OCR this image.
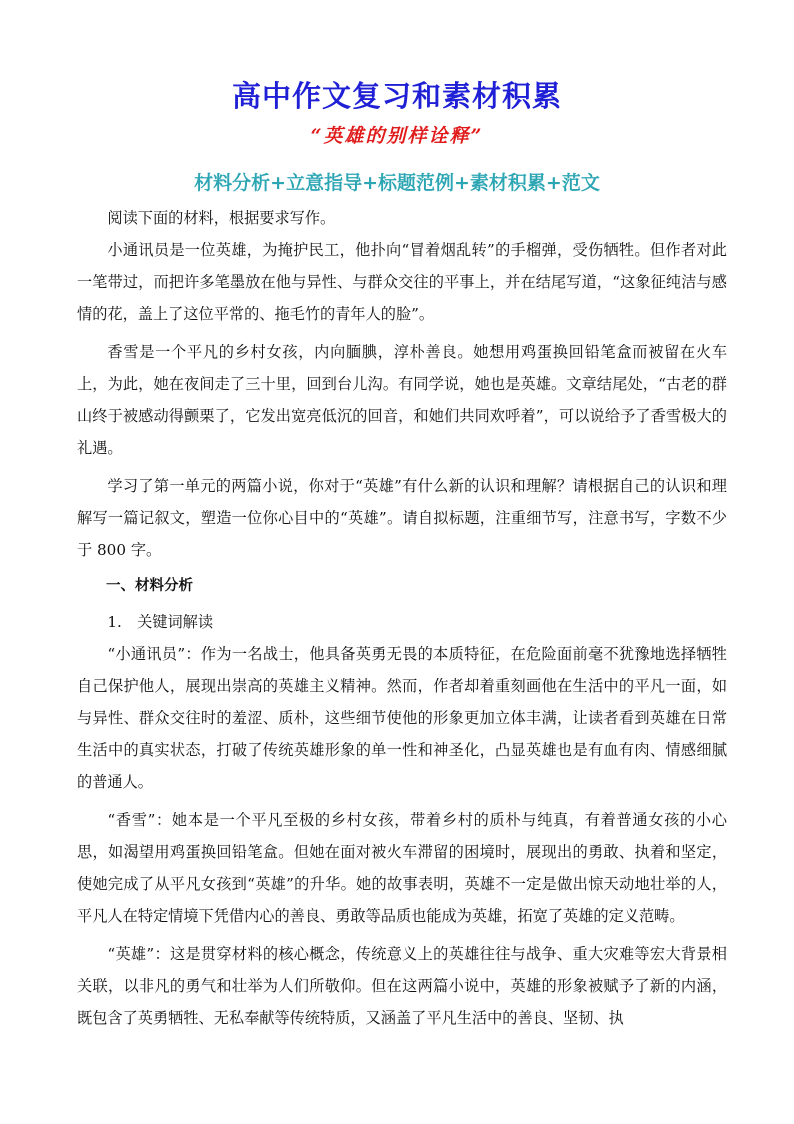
高中作文复习和素材积累
“英雄的别样诠释”
材料分析+立意指导+标题范例+素材积累+范文

阅读下面的材料，根据要求写作。

小通讯员是一位英雄，为掩护民工，他扑向“冒着烟乱转”的手榴弹，受伤牺牲。但作者对此一笔带过，而把许多笔墨放在他与异性、与群众交往的平事上，并在结尾写道，“这象征纯洁与感情的花，盖上了这位平常的、拖毛竹的青年人的脸”。

香雪是一个平凡的乡村女孩，内向腼腆，淳朴善良。她想用鸡蛋换回铅笔盒而被留在火车上，为此，她在夜间走了三十里，回到台儿沟。有同学说，她也是英雄。文章结尾处，“古老的群山终于被感动得颤栗了，它发出宽亮低沉的回音，和她们共同欢呼着”，可以说给予了香雪极大的礼遇。

学习了第一单元的两篇小说，你对于“英雄”有什么新的认识和理解？请根据自己的认识和理解写一篇记叙文，塑造一位你心目中的“英雄”。请自拟标题，注重细节写，注意书写，字数不少于 800 字。

一、材料分析

1.　关键词解读

“小通讯员”：作为一名战士，他具备英勇无畏的本质特征，在危险面前毫不犹豫地选择牺牲自己保护他人，展现出崇高的英雄主义精神。然而，作者却着重刻画他在生活中的平凡一面，如与异性、群众交往时的羞涩、质朴，这些细节使他的形象更加立体丰满，让读者看到英雄在日常生活中的真实状态，打破了传统英雄形象的单一性和神圣化，凸显英雄也是有血有肉、情感细腻的普通人。

“香雪”：她本是一个平凡至极的乡村女孩，带着乡村的质朴与纯真，有着普通女孩的小心思，如渴望用鸡蛋换回铅笔盒。但她在面对被火车滞留的困境时，展现出的勇敢、执着和坚定，使她完成了从平凡女孩到“英雄”的升华。她的故事表明，英雄不一定是做出惊天动地壮举的人，平凡人在特定情境下凭借内心的善良、勇敢等品质也能成为英雄，拓宽了英雄的定义范畴。

“英雄”：这是贯穿材料的核心概念，传统意义上的英雄往往与战争、重大灾难等宏大背景相关联，以非凡的勇气和壮举为人们所敬仰。但在这两篇小说中，英雄的形象被赋予了新的内涵，既包含了英勇牺牲、无私奉献等传统特质，又涵盖了平凡生活中的善良、坚韧、执
